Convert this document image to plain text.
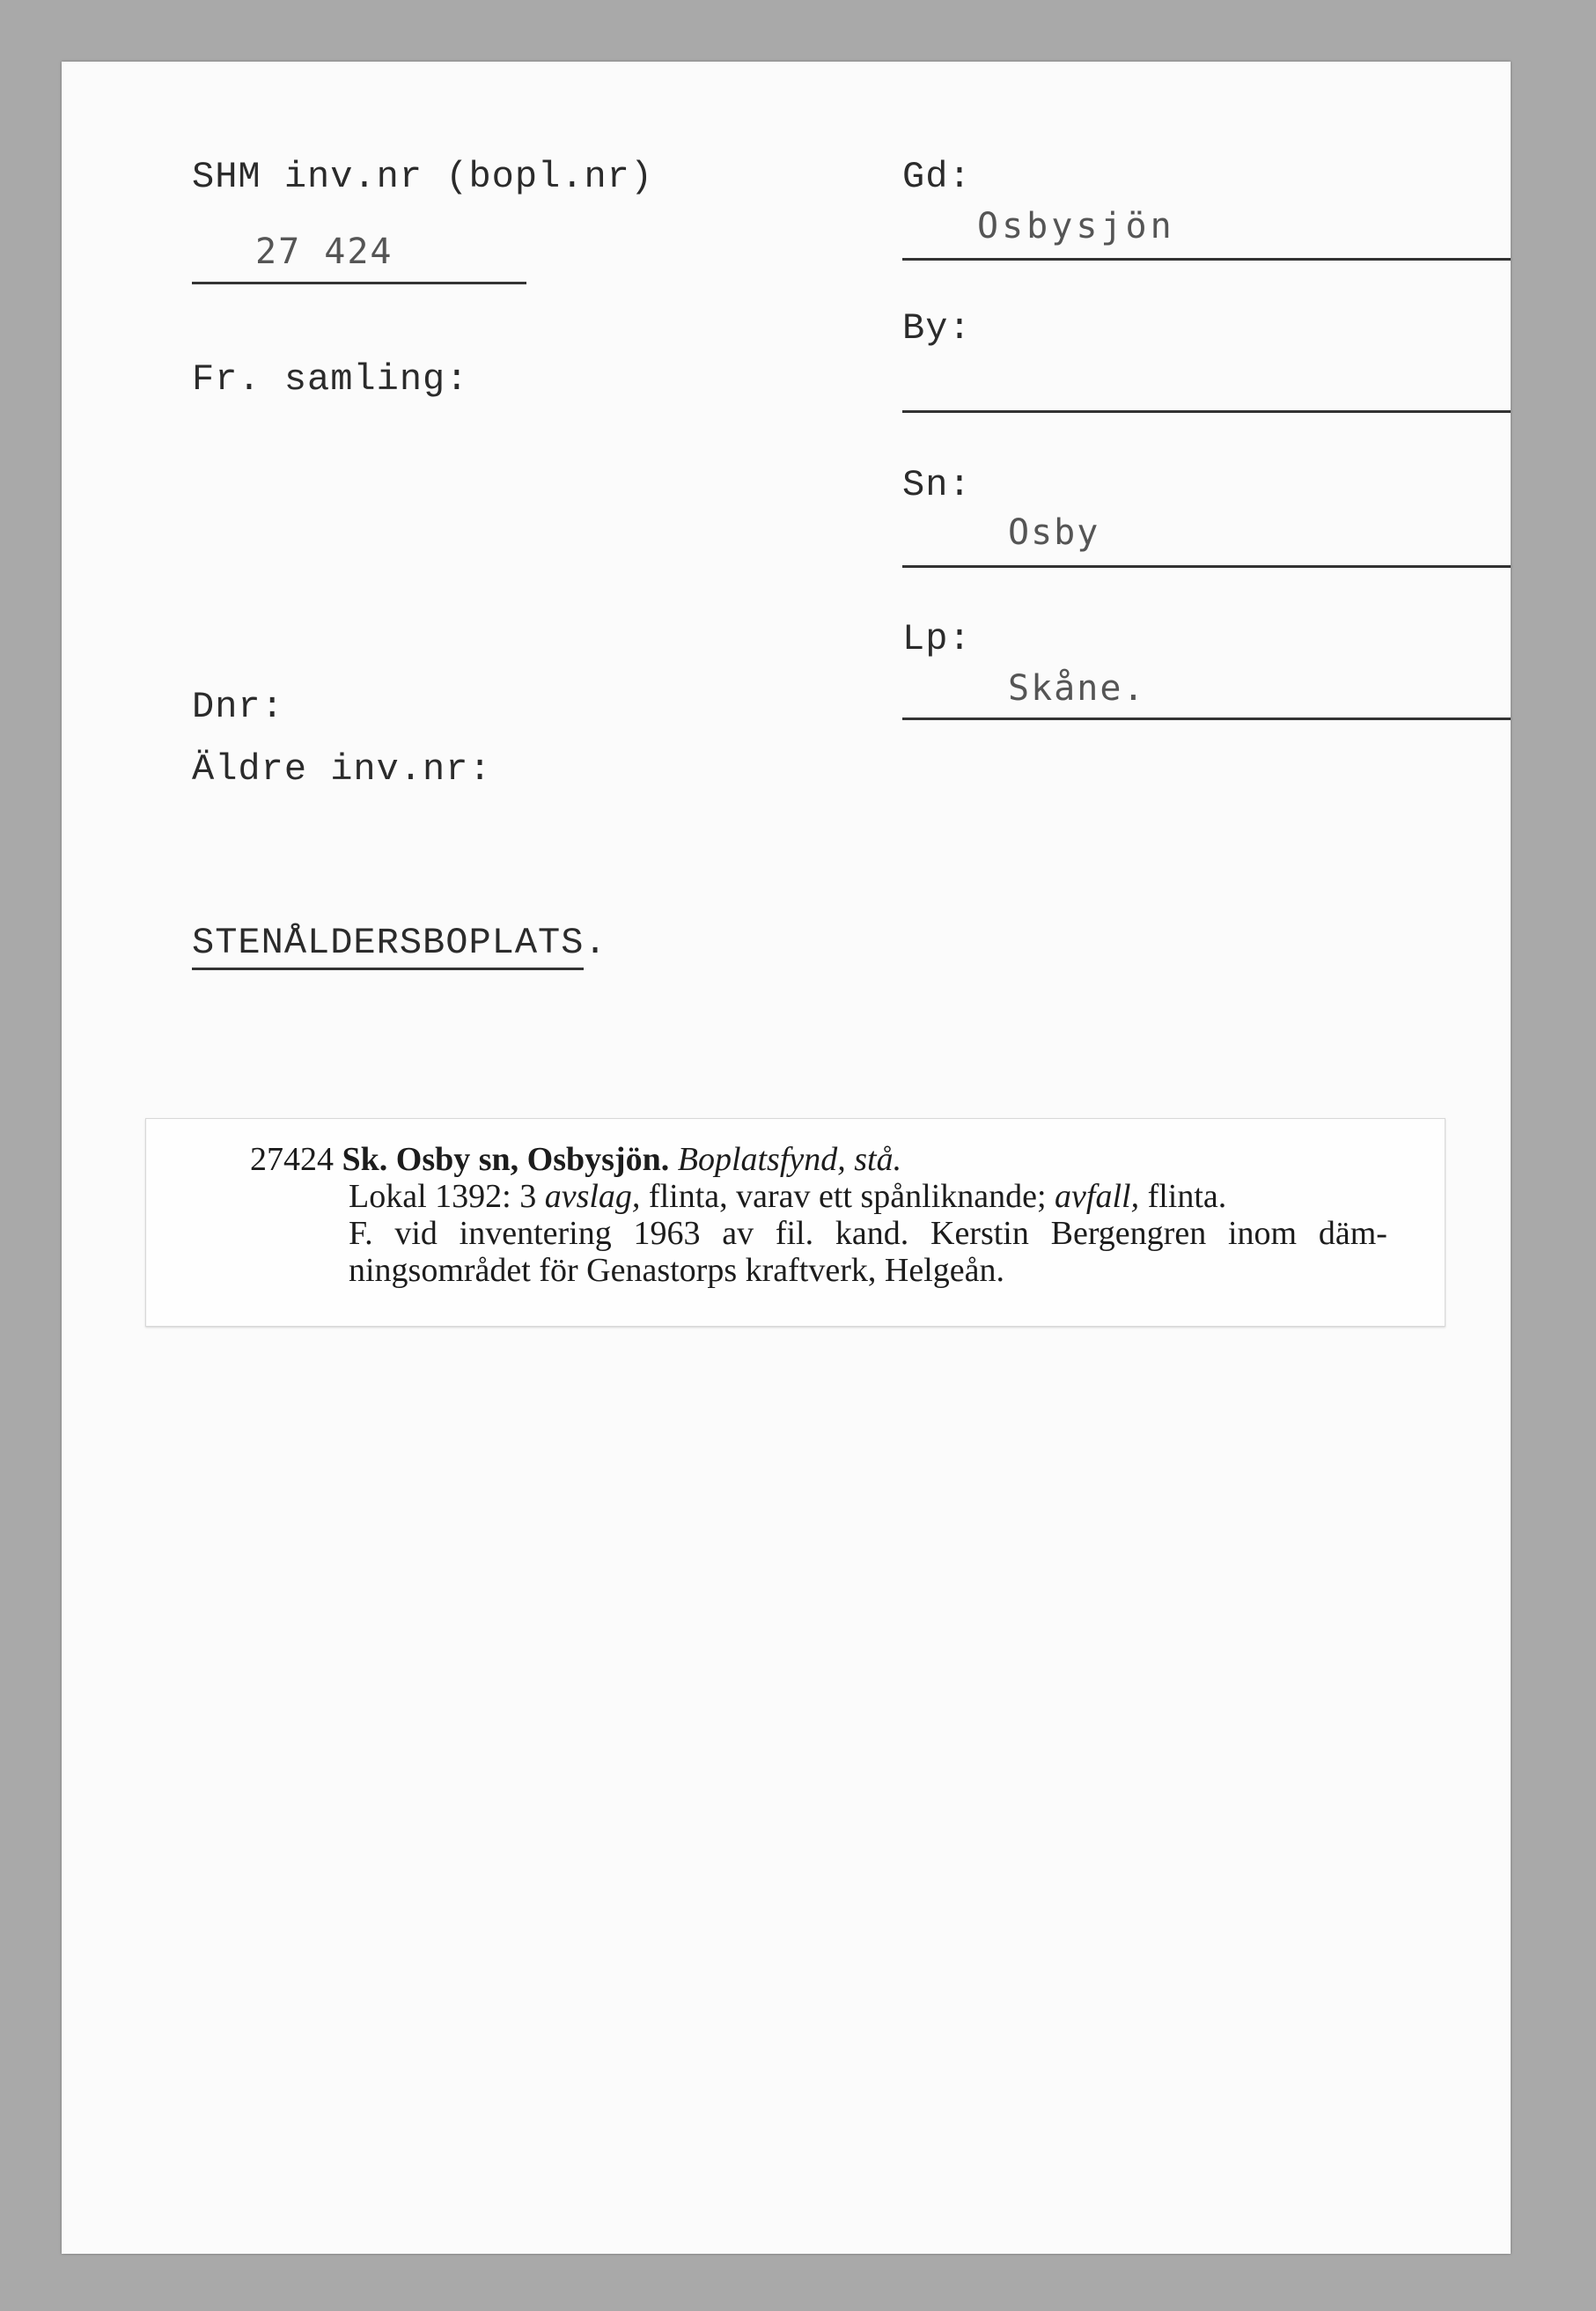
SHM inv.nr (bopl.nr)
27 424
Fr. samling:
Dnr:
Äldre inv.nr:
STENÅLDERSBOPLATS.
Gd:
Osbysjön
By:
Sn:
Osby
Lp:
Skåne.
27424 Sk. Osby sn, Osbysjön. Boplatsfynd, stå.
Lokal 1392: 3 avslag, flinta, varav ett spånliknande; avfall, flinta.
F. vid inventering 1963 av fil. kand. Kerstin Bergengren inom däm-
ningsområdet för Genastorps kraftverk, Helgeån.
